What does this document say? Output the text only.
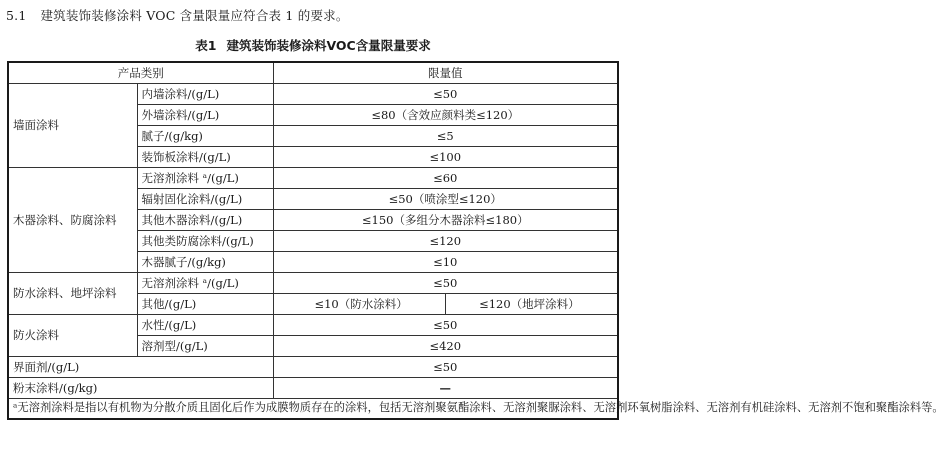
5.1 建筑装饰装修涂料 VOC 含量限量应符合表 1 的要求。
表1 建筑装饰装修涂料VOC含量限量要求
产品类别		限量值
墙面涂料	内墙涂料/(g/L)	≤50
	外墙涂料/(g/L)	≤80（含效应颜料类≤120）
	腻子/(g/kg)	≤5
	装饰板涂料/(g/L)	≤100
木器涂料、防腐涂料	无溶剂涂料 ᵃ/(g/L)	≤60
	辐射固化涂料/(g/L)	≤50（喷涂型≤120）
	其他木器涂料/(g/L)	≤150（多组分木器涂料≤180）
	其他类防腐涂料/(g/L)	≤120
	木器腻子/(g/kg)	≤10
防水涂料、地坪涂料	无溶剂涂料 ᵃ/(g/L)	≤50
	其他/(g/L)	≤10（防水涂料） ≤120（地坪涂料）

防火涂料	水性/(g/L)	≤50
	溶剂型/(g/L)	≤420
界面剂/(g/L)		≤50
粉末涂料/(g/kg)		—
ᵃ无溶剂涂料是指以有机物为分散介质且固化后作为成膜物质存在的涂料，包括无溶剂聚氨酯涂料、无溶剂聚脲涂料、无溶剂环氧树脂涂料、无溶剂有机硅涂料、无溶剂不饱和聚酯涂料等。		
